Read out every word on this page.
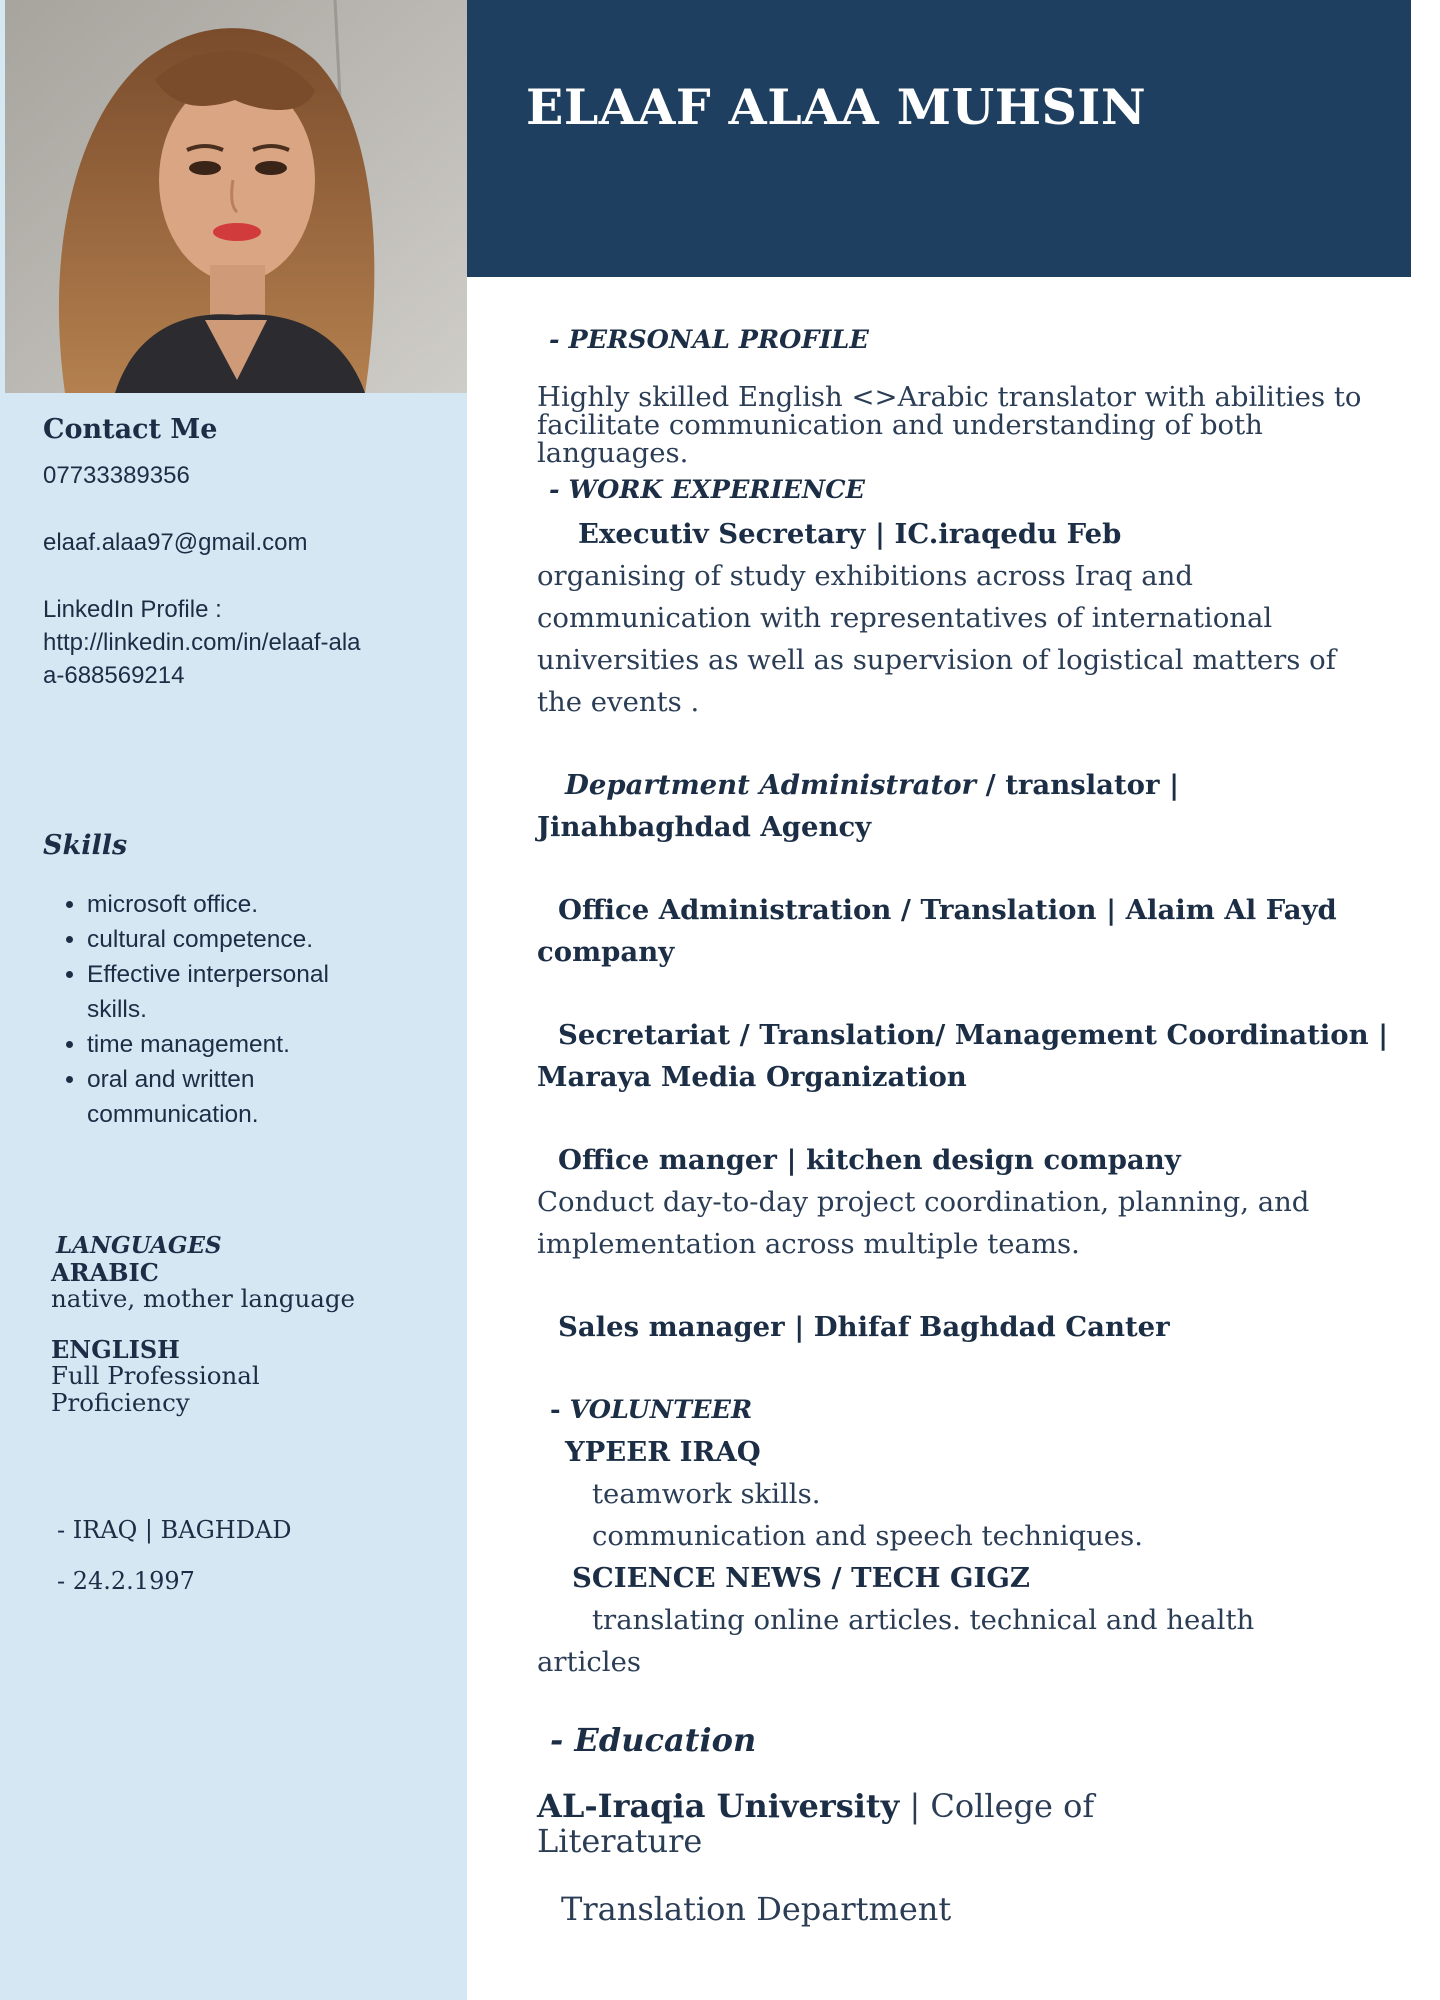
ELAAF ALAA MUHSIN
Contact Me

07733389356

elaaf.alaa97@gmail.com

LinkedIn Profile :
http://linkedin.com/in/elaaf-alaa-688569214

Skills
• microsoft office.
• cultural competence.
• Effective interpersonal skills.
• time management.
• oral and written communication.
LANGUAGES
ARABIC
native, mother language
ENGLISH
Full Professional Proficiency

- IRAQ | BAGHDAD

- 24.2.1997

- PERSONAL PROFILE

Highly skilled English <>Arabic translator with abilities to facilitate communication and understanding of both languages.

- WORK EXPERIENCE

Executiv Secretary | IC.iraqedu Feb

organising of study exhibitions across Iraq and communication with representatives of international universities as well as supervision of logistical matters of the events .

Department Administrator / translator | Jinahbaghdad Agency

Office Administration / Translation | Alaim Al Fayd company

Secretariat / Translation/ Management Coordination | Maraya Media Organization

Office manger | kitchen design company

Conduct day-to-day project coordination, planning, and implementation across multiple teams.

Sales manager | Dhifaf Baghdad Canter

- VOLUNTEER

YPEER IRAQ

teamwork skills.

communication and speech techniques.

SCIENCE NEWS / TECH GIGZ

translating online articles. technical and health articles

- Education

AL-Iraqia University | College of Literature

Translation Department
